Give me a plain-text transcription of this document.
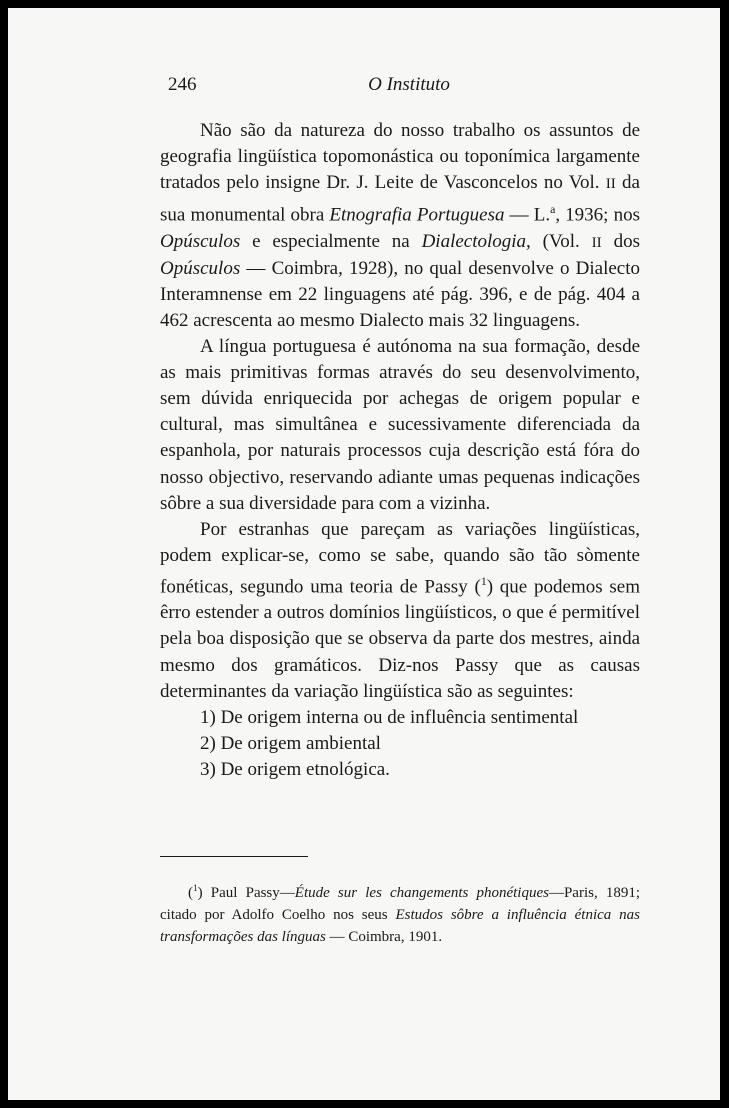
246	O Instituto

Não são da natureza do nosso trabalho os assuntos de geografia lingüística topomonástica ou toponímica largamente tratados pelo insigne Dr. J. Leite de Vasconcelos no Vol. II da sua monumental obra Etnografia Portuguesa — L.$^a$, 1936; nos Opúsculos e especialmente na Dialectologia, (Vol. II dos Opúsculos — Coimbra, 1928), no qual desenvolve o Dialecto Interamnense em 22 linguagens até pág. 396, e de pág. 404 a 462 acrescenta ao mesmo Dialecto mais 32 linguagens.

A língua portuguesa é autónoma na sua formação, desde as mais primitivas formas através do seu desenvolvimento, sem dúvida enriquecida por achegas de origem popular e cultural, mas simultânea e sucessivamente diferenciada da espanhola, por naturais processos cuja descrição está fóra do nosso objectivo, reservando adiante umas pequenas indicações sôbre a sua diversidade para com a vizinha.

Por estranhas que pareçam as variações lingüísticas, podem explicar-se, como se sabe, quando são tão sòmente fonéticas, segundo uma teoria de Passy ($^1$) que podemos sem êrro estender a outros domínios lingüísticos, o que é permitível pela boa disposição que se observa da parte dos mestres, ainda mesmo dos gramáticos. Diz-nos Passy que as causas determinantes da variação lingüística são as seguintes:

1) De origem interna ou de influência sentimental

2) De origem ambiental

3) De origem etnológica.

($^1$) Paul Passy—Étude sur les changements phonétiques—Paris, 1891; citado por Adolfo Coelho nos seus Estudos sôbre a influência étnica nas transformações das línguas — Coimbra, 1901.
